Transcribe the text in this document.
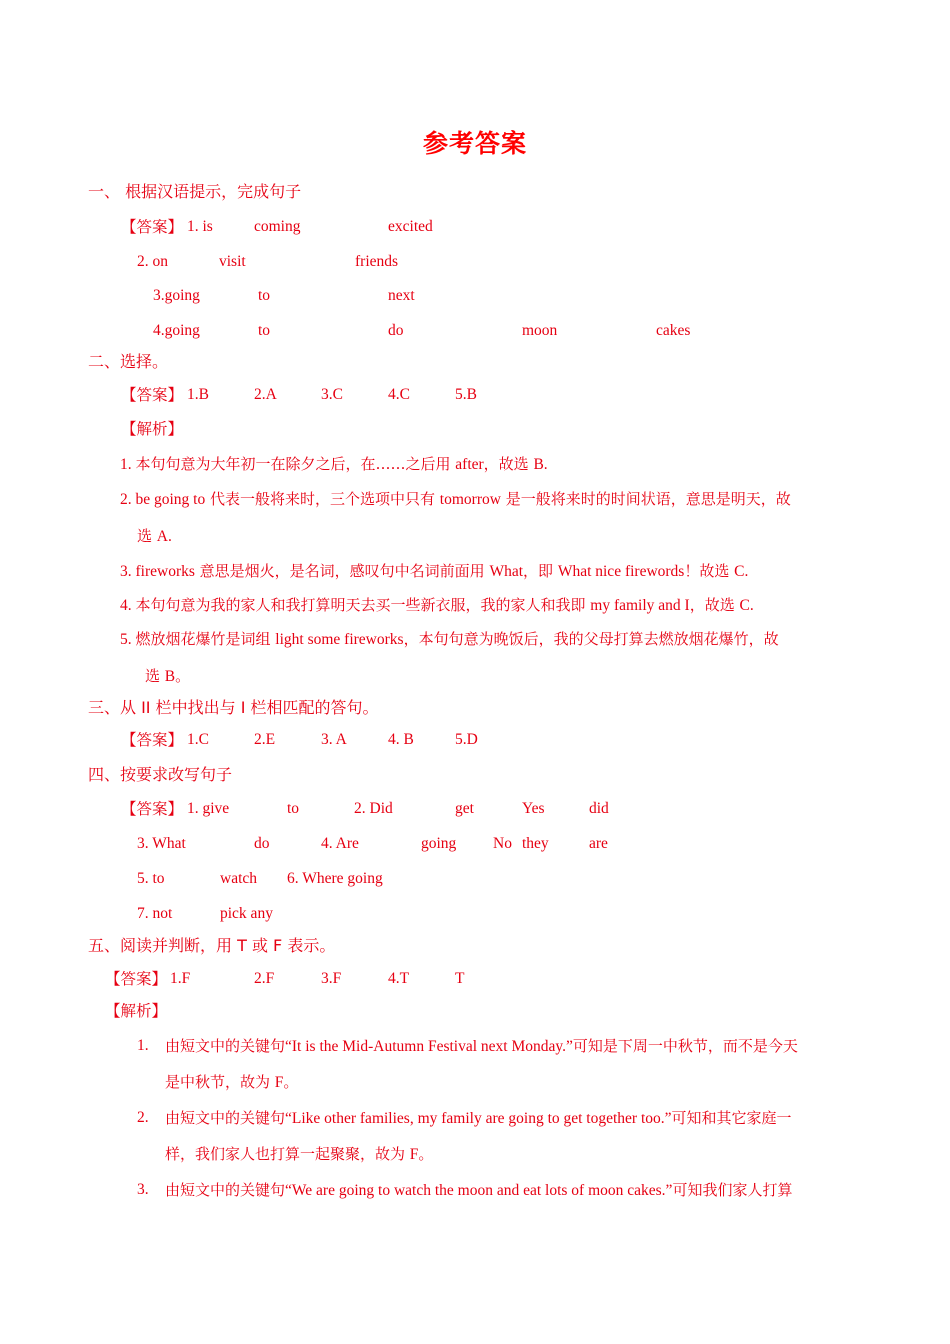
参考答案
一、 根据汉语提示，完成句子
【答案】 1. is	coming	excited
2. on	visit	friends
3.going	to	next
4.going	to	do	moon	cakes
二、选择。
【答案】 1.B	2.A	3.C	4.C	5.B
【解析】
1. 本句句意为大年初一在除夕之后，在……之后用 after，故选 B.
2. be going to 代表一般将来时，三个选项中只有 tomorrow 是一般将来时的时间状语，意思是明天，故
选 A.
3. fireworks 意思是烟火，是名词，感叹句中名词前面用 What，即 What nice firewords！故选 C.
4. 本句句意为我的家人和我打算明天去买一些新衣服，我的家人和我即 my family and I，故选 C.
5. 燃放烟花爆竹是词组 light some fireworks，本句句意为晚饭后，我的父母打算去燃放烟花爆竹，故
选 B。
三、从 II 栏中找出与 I 栏相匹配的答句。
【答案】 1.C	2.E	3. A	4. B	5.D
四、按要求改写句子
【答案】 1. give	to	2. Did	get	Yes	did
3. What	do	4. Are	going No they	are
5. to	watch 6. Where going
7. not	pick any
五、阅读并判断，用 T 或 F 表示。
【答案】 1.F	2.F	3.F	4.T	T
【解析】
1. 由短文中的关键句“It is the Mid-Autumn Festival next Monday.”可知是下周一中秋节，而不是今天
是中秋节，故为 F。
2. 由短文中的关键句“Like other families, my family are going to get together too.”可知和其它家庭一
样，我们家人也打算一起聚聚，故为 F。
3. 由短文中的关键句“We are going to watch the moon and eat lots of moon cakes.”可知我们家人打算
